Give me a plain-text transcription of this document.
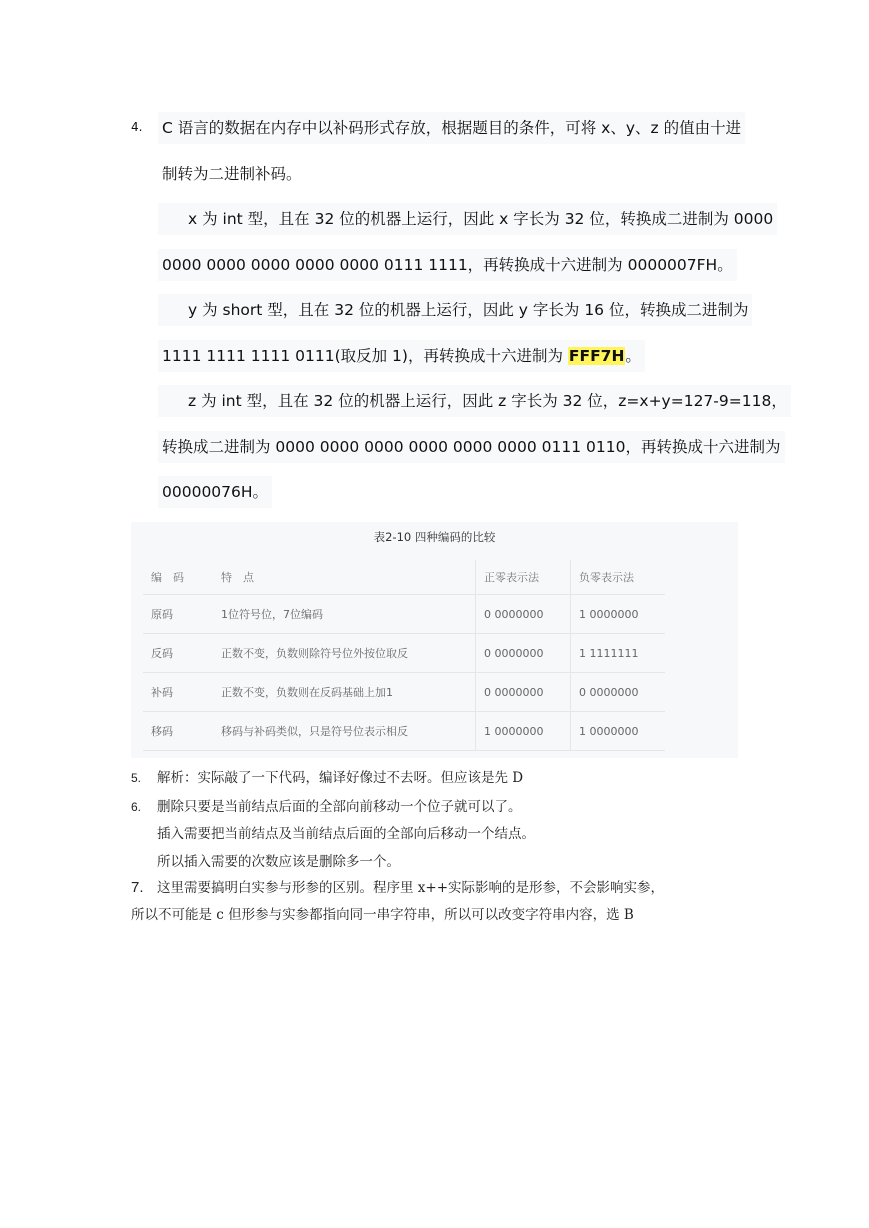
4. C 语言的数据在内存中以补码形式存放，根据题目的条件，可将 x、y、z 的值由十进
制转为二进制补码。
x 为 int 型，且在 32 位的机器上运行，因此 x 字长为 32 位，转换成二进制为 0000
0000 0000 0000 0000 0000 0111 1111，再转换成十六进制为 0000007FH。
y 为 short 型，且在 32 位的机器上运行，因此 y 字长为 16 位，转换成二进制为
1111 1111 1111 0111(取反加 1)，再转换成十六进制为 FFF7H。
z 为 int 型，且在 32 位的机器上运行，因此 z 字长为 32 位，z=x+y=127-9=118，
转换成二进制为 0000 0000 0000 0000 0000 0000 0111 0110，再转换成十六进制为
00000076H。
表2-10 四种编码的比较
编　码	特　点	正零表示法	负零表示法
原码	1位符号位，7位编码	0 0000000	1 0000000
反码	正数不变，负数则除符号位外按位取反	0 0000000	1 1111111
补码	正数不变，负数则在反码基础上加1	0 0000000	0 0000000
移码	移码与补码类似，只是符号位表示相反	1 0000000	1 0000000
5. 解析：实际敲了一下代码，编译好像过不去呀。但应该是先 D
6. 删除只要是当前结点后面的全部向前移动一个位子就可以了。
插入需要把当前结点及当前结点后面的全部向后移动一个结点。
所以插入需要的次数应该是删除多一个。
7. 这里需要搞明白实参与形参的区别。程序里 x++实际影响的是形参，不会影响实参，
所以不可能是 c 但形参与实参都指向同一串字符串，所以可以改变字符串内容，选 B
